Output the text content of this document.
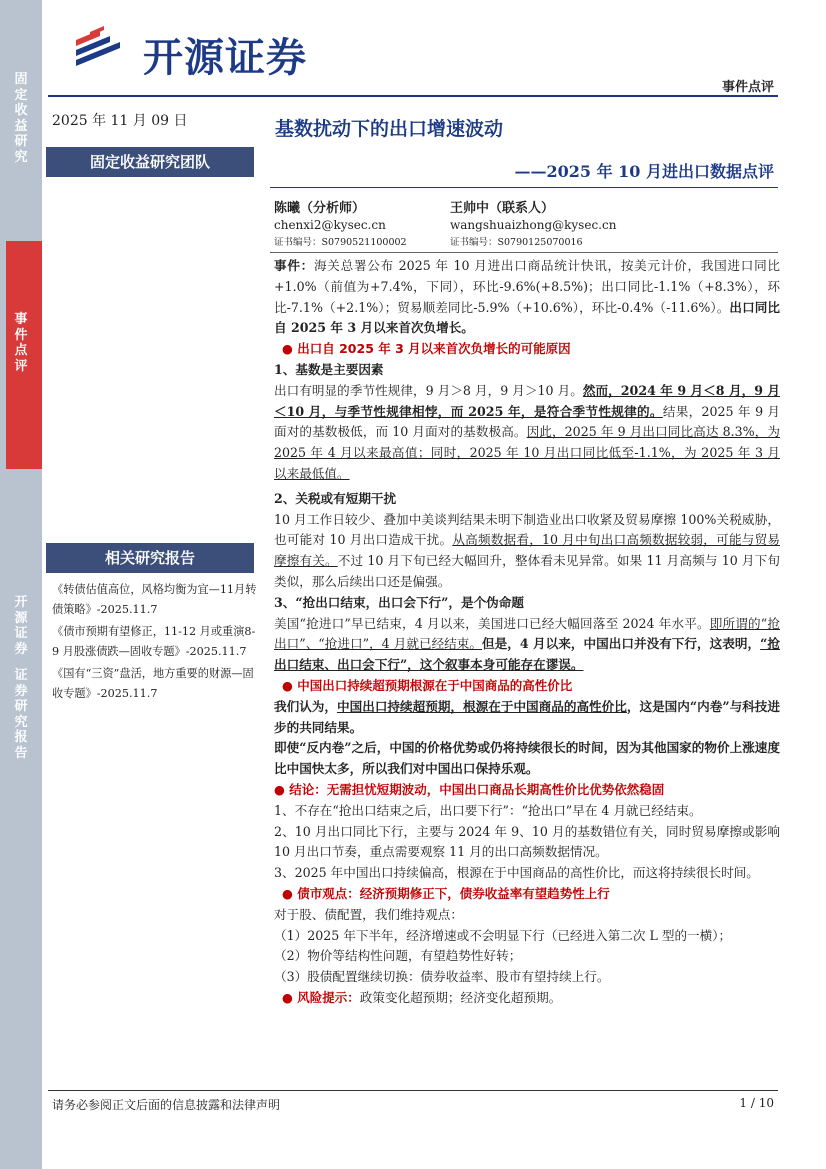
固定收益研究
事件点评
开源证券
证券研究报告
开源证券
事件点评
2025 年 11 月 09 日
固定收益研究团队
基数扰动下的出口增速波动
——2025 年 10 月进出口数据点评
陈曦（分析师）
chenxi2@kysec.cn
证书编号：S0790521100002
王帅中（联系人）
wangshuaizhong@kysec.cn
证书编号：S0790125070016
相关研究报告
《转债估值高位，风格均衡为宜—11月转债策略》-2025.11.7
《债市预期有望修正，11-12 月或重演8-9 月股涨债跌—固收专题》-2025.11.7
《国有“三资”盘活，地方重要的财源—固收专题》-2025.11.7

事件：海关总署公布 2025 年 10 月进出口商品统计快讯，按美元计价，我国进口同比+1.0%（前值为+7.4%，下同），环比-9.6%(+8.5%)；出口同比-1.1%（+8.3%），环比-7.1%（+2.1%）；贸易顺差同比-5.9%（+10.6%），环比-0.4%（-11.6%）。出口同比自 2025 年 3 月以来首次负增长。

● 出口自 2025 年 3 月以来首次负增长的可能原因

1、基数是主要因素

出口有明显的季节性规律，9 月＞8 月，9 月＞10 月。然而，2024 年 9 月＜8 月，9 月＜10 月，与季节性规律相悖，而 2025 年，是符合季节性规律的。结果，2025 年 9 月面对的基数极低，而 10 月面对的基数极高。因此，2025 年 9 月出口同比高达 8.3%，为 2025 年 4 月以来最高值；同时，2025 年 10 月出口同比低至-1.1%，为 2025 年 3 月以来最低值。

2、关税或有短期干扰

10 月工作日较少、叠加中美谈判结果未明下制造业出口收紧及贸易摩擦 100%关税威胁，也可能对 10 月出口造成干扰。从高频数据看，10 月中旬出口高频数据较弱，可能与贸易摩擦有关。不过 10 月下旬已经大幅回升，整体看未见异常。如果 11 月高频与 10 月下旬类似，那么后续出口还是偏强。

3、“抢出口结束，出口会下行”，是个伪命题

美国“抢进口”早已结束，4 月以来，美国进口已经大幅回落至 2024 年水平。即所谓的“抢出口”、“抢进口”，4 月就已经结束。但是，4 月以来，中国出口并没有下行，这表明，“抢出口结束、出口会下行”，这个叙事本身可能存在谬误。

● 中国出口持续超预期根源在于中国商品的高性价比

我们认为，中国出口持续超预期，根源在于中国商品的高性价比，这是国内“内卷”与科技进步的共同结果。

即使“反内卷”之后，中国的价格优势或仍将持续很长的时间，因为其他国家的物价上涨速度比中国快太多，所以我们对中国出口保持乐观。

● 结论：无需担忧短期波动，中国出口商品长期高性价比优势依然稳固

1、不存在“抢出口结束之后，出口要下行”：“抢出口”早在 4 月就已经结束。

2、10 月出口同比下行，主要与 2024 年 9、10 月的基数错位有关，同时贸易摩擦或影响 10 月出口节奏，重点需要观察 11 月的出口高频数据情况。

3、2025 年中国出口持续偏高，根源在于中国商品的高性价比，而这将持续很长时间。

● 债市观点：经济预期修正下，债券收益率有望趋势性上行

对于股、债配置，我们维持观点：

（1）2025 年下半年，经济增速或不会明显下行（已经进入第二次 L 型的一横）；

（2）物价等结构性问题，有望趋势性好转；

（3）股债配置继续切换：债券收益率、股市有望持续上行。

● 风险提示：政策变化超预期；经济变化超预期。

请务必参阅正文后面的信息披露和法律声明	1 / 10
